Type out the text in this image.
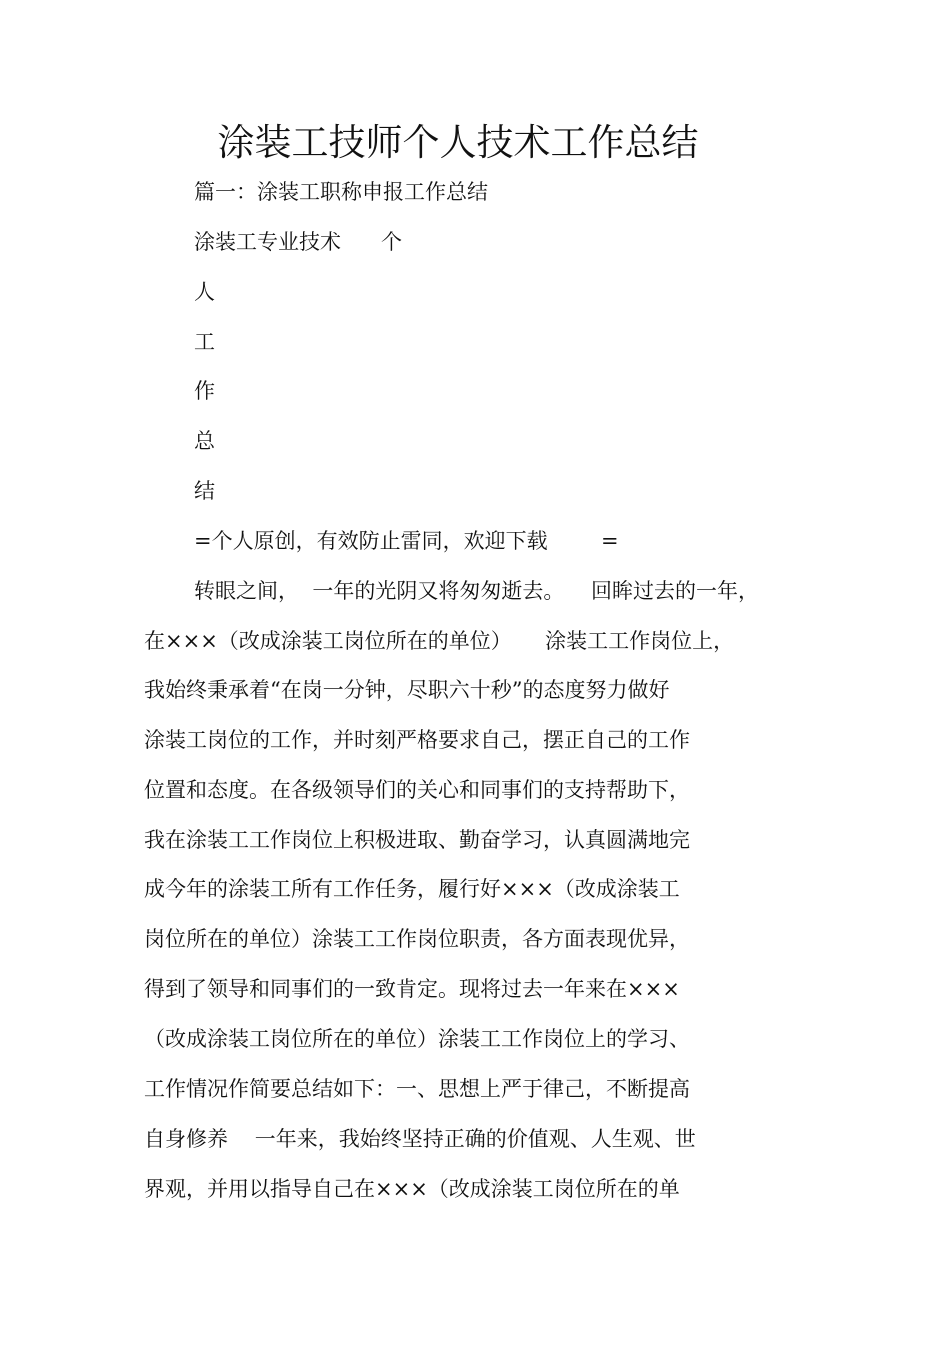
涂装工技师个人技术工作总结
篇一：涂装工职称申报工作总结
涂装工专业技术      个
人
工
作
总
结
=个人原创，有效防止雷同，欢迎下载        =
转眼之间，  一年的光阴又将匆匆逝去。    回眸过去的一年，
在×××（改成涂装工岗位所在的单位）     涂装工工作岗位上，
我始终秉承着“在岗一分钟，尽职六十秒”的态度努力做好
涂装工岗位的工作，并时刻严格要求自己，摆正自己的工作
位置和态度。在各级领导们的关心和同事们的支持帮助下，
我在涂装工工作岗位上积极进取、勤奋学习，认真圆满地完
成今年的涂装工所有工作任务，履行好×××（改成涂装工
岗位所在的单位）涂装工工作岗位职责，各方面表现优异，
得到了领导和同事们的一致肯定。现将过去一年来在×××
（改成涂装工岗位所在的单位）涂装工工作岗位上的学习、
工作情况作简要总结如下：一、思想上严于律己，不断提高
自身修养    一年来，我始终坚持正确的价值观、人生观、世
界观，并用以指导自己在×××（改成涂装工岗位所在的单
